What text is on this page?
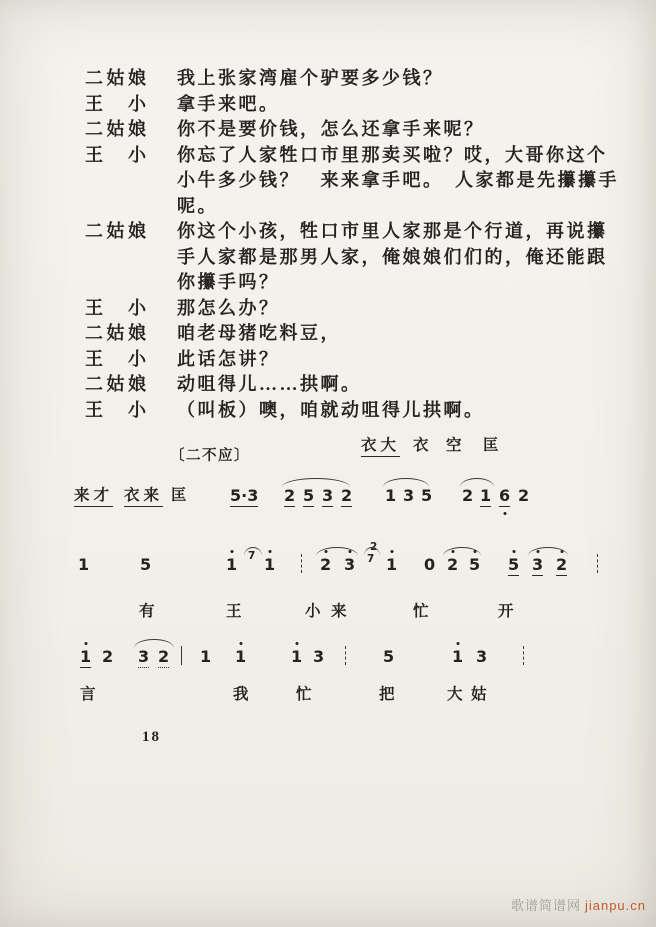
二姑娘	我上张家湾雇个驴要多少钱？
王　小	拿手来吧。
二姑娘	你不是要价钱，怎么还拿手来呢？
王　小	你忘了人家牲口市里那卖买啦？哎，大哥你这个
小牛多少钱？　来来拿手吧。　人家都是先攥攥手
呢。
二姑娘	你这个小孩，牲口市里人家那是个行道，再说攥
手人家都是那男人家，俺娘娘们们的，俺还能跟
你攥手吗？
王　小	那怎么办？
二姑娘	咱老母猪吃料豆，
王　小	此话怎讲？
二姑娘	动咀得儿……拱啊。
王　小	（叫板）噢，咱就动咀得儿拱啊。
〔二不应〕
衣大 衣 空 匡
来才 衣来 匡 5·3 2 5 3 2 1 3 5 2 1 6 2
1	5	1 7 1	2 3
2
7 1 0 2 5 5 3 2
有	王	小 来	忙	开
1 2 3 2 1 1	1 3	5	1 3
言	我	忙	把	大 姑
18
歌谱简谱网 jianpu.cn
